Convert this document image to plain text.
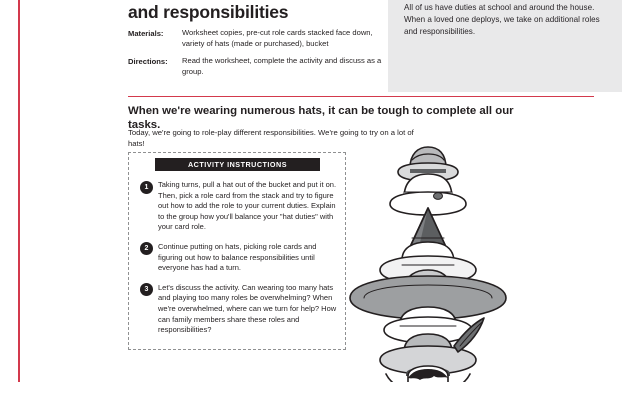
All of us have duties at school and around the house. When a loved one deploys, we take on additional roles and responsibilities.
and responsibilities
Materials:	Worksheet copies, pre-cut role cards stacked face down, variety of hats (made or purchased), bucket
Directions:	Read the worksheet, complete the activity and discuss as a group.
When we're wearing numerous hats, it can be tough to complete all our tasks.
Today, we're going to role-play different responsibilities. We're going to try on a lot of hats!
ACTIVITY INSTRUCTIONS
1	Taking turns, pull a hat out of the bucket and put it on. Then, pick a role card from the stack and try to figure out how to add the role to your current duties. Explain to the group how you'll balance your "hat duties" with your card role.
2	Continue putting on hats, picking role cards and figuring out how to balance responsibilities until everyone has had a turn.
3	Let's discuss the activity. Can wearing too many hats and playing too many roles be overwhelming? When we're overwhelmed, where can we turn for help? How can family members share these roles and responsibilities?
